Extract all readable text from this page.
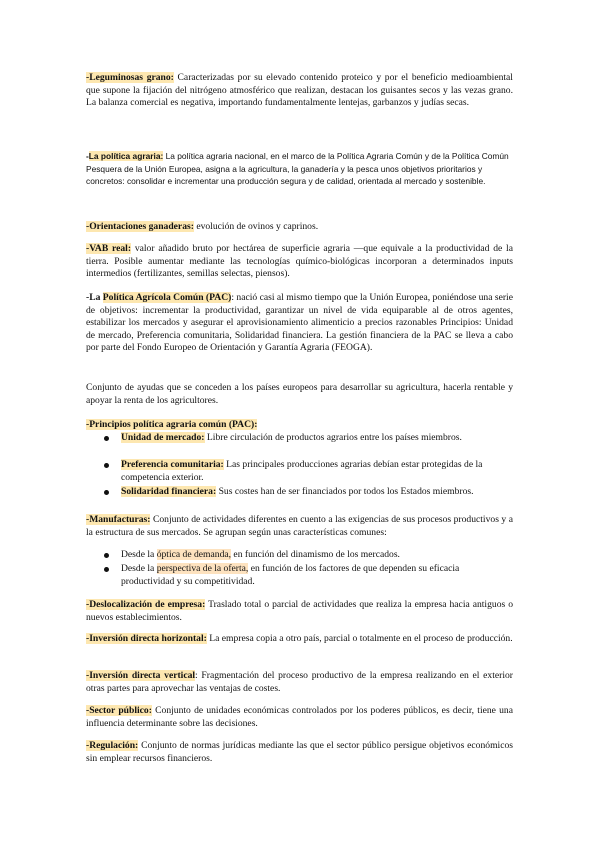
-Leguminosas grano: Caracterizadas por su elevado contenido proteico y por el beneficio medioambiental que supone la fijación del nitrógeno atmosférico que realizan, destacan los guisantes secos y las vezas grano. La balanza comercial es negativa, importando fundamentalmente lentejas, garbanzos y judías secas.

-La política agraria: La política agraria nacional, en el marco de la Política Agraria Común y de la Política Común Pesquera de la Unión Europea, asigna a la agricultura, la ganadería y la pesca unos objetivos prioritarios y concretos: consolidar e incrementar una producción segura y de calidad, orientada al mercado y sostenible.

-Orientaciones ganaderas: evolución de ovinos y caprinos.

-VAB real: valor añadido bruto por hectárea de superficie agraria —que equivale a la productividad de la tierra. Posible aumentar mediante las tecnologías químico-biológicas incorporan a determinados inputs intermedios (fertilizantes, semillas selectas, piensos).

-La Política Agrícola Común (PAC): nació casi al mismo tiempo que la Unión Europea, poniéndose una serie de objetivos: incrementar la productividad, garantizar un nivel de vida equiparable al de otros agentes, estabilizar los mercados y asegurar el aprovisionamiento alimenticio a precios razonables Principios: Unidad de mercado, Preferencia comunitaria, Solidaridad financiera. La gestión financiera de la PAC se lleva a cabo por parte del Fondo Europeo de Orientación y Garantía Agraria (FEOGA).

Conjunto de ayudas que se conceden a los países europeos para desarrollar su agricultura, hacerla rentable y apoyar la renta de los agricultores.

-Principios política agraria común (PAC):

Unidad de mercado: Libre circulación de productos agrarios entre los países miembros.
Preferencia comunitaria: Las principales producciones agrarias debían estar protegidas de la competencia exterior.
Solidaridad financiera: Sus costes han de ser financiados por todos los Estados miembros.

-Manufacturas: Conjunto de actividades diferentes en cuento a las exigencias de sus procesos productivos y a la estructura de sus mercados. Se agrupan según unas características comunes:

Desde la óptica de demanda, en función del dinamismo de los mercados.
Desde la perspectiva de la oferta, en función de los factores de que dependen su eficacia productividad y su competitividad.

-Deslocalización de empresa: Traslado total o parcial de actividades que realiza la empresa hacia antiguos o nuevos establecimientos.

-Inversión directa horizontal: La empresa copia a otro país, parcial o totalmente en el proceso de producción.

-Inversión directa vertical: Fragmentación del proceso productivo de la empresa realizando en el exterior otras partes para aprovechar las ventajas de costes.

-Sector público: Conjunto de unidades económicas controlados por los poderes públicos, es decir, tiene una influencia determinante sobre las decisiones.

-Regulación: Conjunto de normas jurídicas mediante las que el sector público persigue objetivos económicos sin emplear recursos financieros.
